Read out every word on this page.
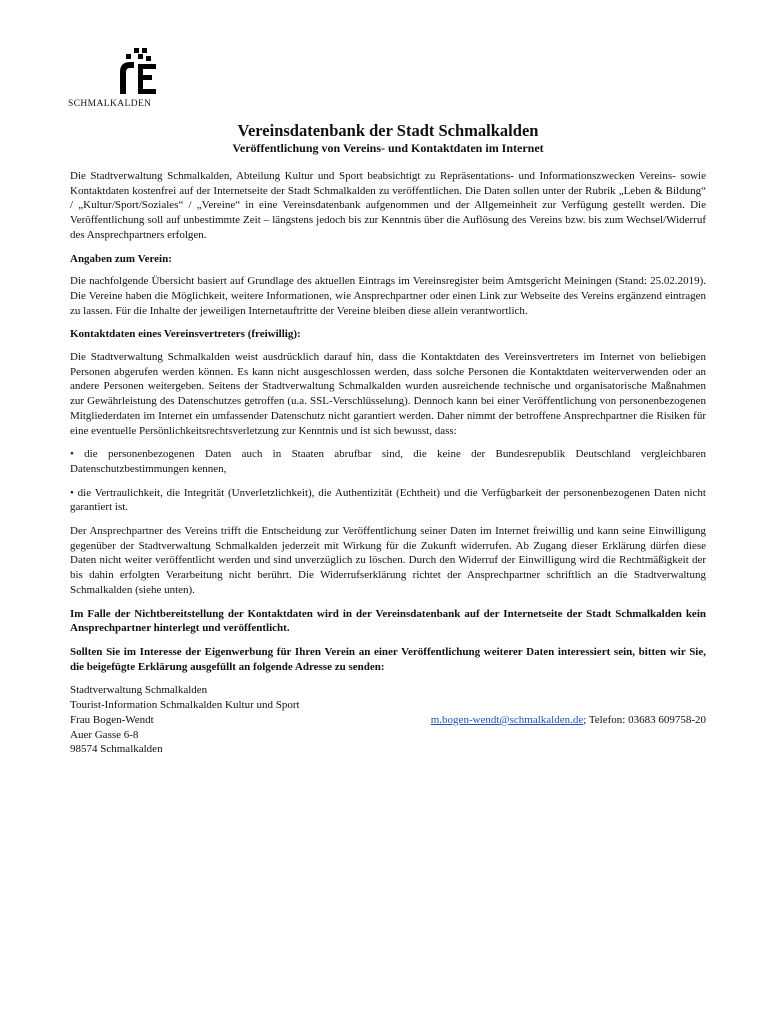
SCHMALKALDEN
Vereinsdatenbank der Stadt Schmalkalden
Veröffentlichung von Vereins- und Kontaktdaten im Internet

Die Stadtverwaltung Schmalkalden, Abteilung Kultur und Sport beabsichtigt zu Repräsentations- und Informationszwecken Vereins- sowie Kontaktdaten kostenfrei auf der Internetseite der Stadt Schmalkalden zu veröffentlichen. Die Daten sollen unter der Rubrik „Leben & Bildung“ / „Kultur/Sport/Soziales“ / „Vereine“ in eine Vereinsdatenbank aufgenommen und der Allgemeinheit zur Verfügung gestellt werden. Die Veröffentlichung soll auf unbestimmte Zeit – längstens jedoch bis zur Kenntnis über die Auflösung des Vereins bzw. bis zum Wechsel/Widerruf des Ansprechpartners erfolgen.

Angaben zum Verein:

Die nachfolgende Übersicht basiert auf Grundlage des aktuellen Eintrags im Vereinsregister beim Amtsgericht Meiningen (Stand: 25.02.2019). Die Vereine haben die Möglichkeit, weitere Informationen, wie Ansprechpartner oder einen Link zur Webseite des Vereins ergänzend eintragen zu lassen. Für die Inhalte der jeweiligen Internetauftritte der Vereine bleiben diese allein verantwortlich.

Kontaktdaten eines Vereinsvertreters (freiwillig):

Die Stadtverwaltung Schmalkalden weist ausdrücklich darauf hin, dass die Kontaktdaten des Vereinsvertreters im Internet von beliebigen Personen abgerufen werden können. Es kann nicht ausgeschlossen werden, dass solche Personen die Kontaktdaten weiterverwenden oder an andere Personen weitergeben. Seitens der Stadtverwaltung Schmalkalden wurden ausreichende technische und organisatorische Maßnahmen zur Gewährleistung des Datenschutzes getroffen (u.a. SSL-Verschlüsselung). Dennoch kann bei einer Veröffentlichung von personenbezogenen Mitgliederdaten im Internet ein umfassender Datenschutz nicht garantiert werden. Daher nimmt der betroffene Ansprechpartner die Risiken für eine eventuelle Persönlichkeitsrechtsverletzung zur Kenntnis und ist sich bewusst, dass:

• die personenbezogenen Daten auch in Staaten abrufbar sind, die keine der Bundesrepublik Deutschland vergleichbaren Datenschutzbestimmungen kennen,

• die Vertraulichkeit, die Integrität (Unverletzlichkeit), die Authentizität (Echtheit) und die Verfügbarkeit der personenbezogenen Daten nicht garantiert ist.

Der Ansprechpartner des Vereins trifft die Entscheidung zur Veröffentlichung seiner Daten im Internet freiwillig und kann seine Einwilligung gegenüber der Stadtverwaltung Schmalkalden jederzeit mit Wirkung für die Zukunft widerrufen. Ab Zugang dieser Erklärung dürfen diese Daten nicht weiter veröffentlicht werden und sind unverzüglich zu löschen. Durch den Widerruf der Einwilligung wird die Rechtmäßigkeit der bis dahin erfolgten Verarbeitung nicht berührt. Die Widerrufserklärung richtet der Ansprechpartner schriftlich an die Stadtverwaltung Schmalkalden (siehe unten).

Im Falle der Nichtbereitstellung der Kontaktdaten wird in der Vereinsdatenbank auf der Internetseite der Stadt Schmalkalden kein Ansprechpartner hinterlegt und veröffentlicht.

Sollten Sie im Interesse der Eigenwerbung für Ihren Verein an einer Veröffentlichung weiterer Daten interessiert sein, bitten wir Sie, die beigefügte Erklärung ausgefüllt an folgende Adresse zu senden:

Stadtverwaltung Schmalkalden
Tourist-Information Schmalkalden Kultur und Sport
Frau Bogen-Wendt	m.bogen-wendt@schmalkalden.de; Telefon: 03683 609758-20
Auer Gasse 6-8
98574 Schmalkalden
